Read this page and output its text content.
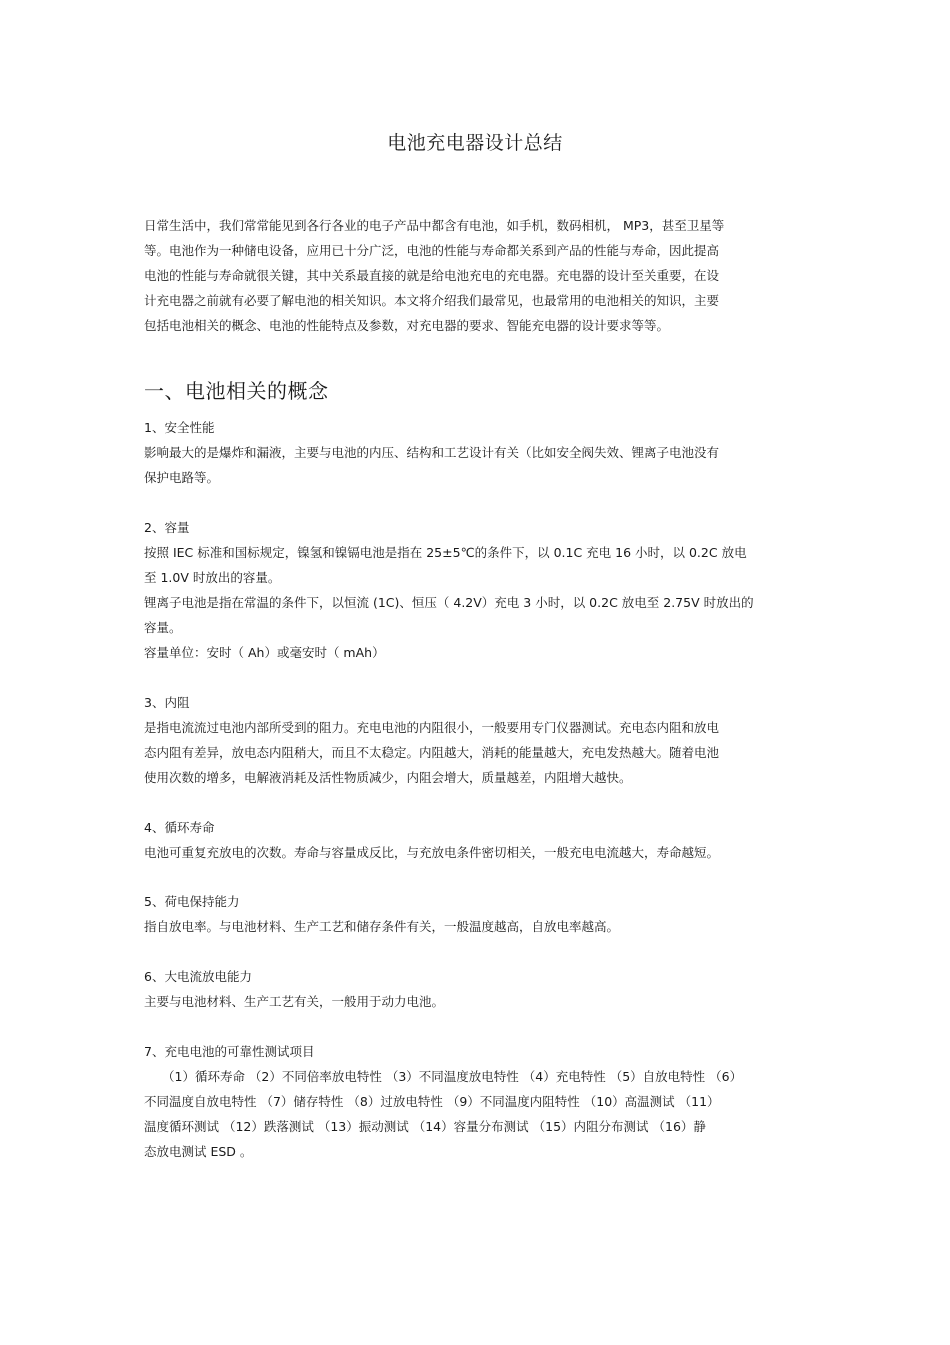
电池充电器设计总结
日常生活中，我们常常能见到各行各业的电子产品中都含有电池，如手机，数码相机， MP3，甚至卫星等
等。电池作为一种储电设备，应用已十分广泛，电池的性能与寿命都关系到产品的性能与寿命，因此提高
电池的性能与寿命就很关键，其中关系最直接的就是给电池充电的充电器。充电器的设计至关重要，在设
计充电器之前就有必要了解电池的相关知识。本文将介绍我们最常见，也最常用的电池相关的知识，主要
包括电池相关的概念、电池的性能特点及参数，对充电器的要求、智能充电器的设计要求等等。
一、电池相关的概念
1、安全性能
影响最大的是爆炸和漏液，主要与电池的内压、结构和工艺设计有关（比如安全阀失效、锂离子电池没有
保护电路等。
2、容量
按照 IEC 标准和国标规定，镍氢和镍镉电池是指在 25±5℃的条件下，以 0.1C 充电 16 小时，以 0.2C 放电
至 1.0V 时放出的容量。
锂离子电池是指在常温的条件下，以恒流 (1C)、恒压（ 4.2V）充电 3 小时，以 0.2C 放电至 2.75V 时放出的
容量。
容量单位：安时（ Ah）或毫安时（ mAh）
3、内阻
是指电流流过电池内部所受到的阻力。充电电池的内阻很小，一般要用专门仪器测试。充电态内阻和放电
态内阻有差异，放电态内阻稍大，而且不太稳定。内阻越大，消耗的能量越大，充电发热越大。随着电池
使用次数的增多，电解液消耗及活性物质减少，内阻会增大，质量越差，内阻增大越快。
4、循环寿命
电池可重复充放电的次数。寿命与容量成反比，与充放电条件密切相关，一般充电电流越大，寿命越短。
5、荷电保持能力
指自放电率。与电池材料、生产工艺和储存条件有关，一般温度越高，自放电率越高。
6、大电流放电能力
主要与电池材料、生产工艺有关，一般用于动力电池。
7、充电电池的可靠性测试项目
（1）循环寿命 （2）不同倍率放电特性 （3）不同温度放电特性 （4）充电特性 （5）自放电特性 （6）
不同温度自放电特性 （7）储存特性 （8）过放电特性 （9）不同温度内阻特性 （10）高温测试 （11）
温度循环测试 （12）跌落测试 （13）振动测试 （14）容量分布测试 （15）内阻分布测试 （16）静
态放电测试 ESD 。
